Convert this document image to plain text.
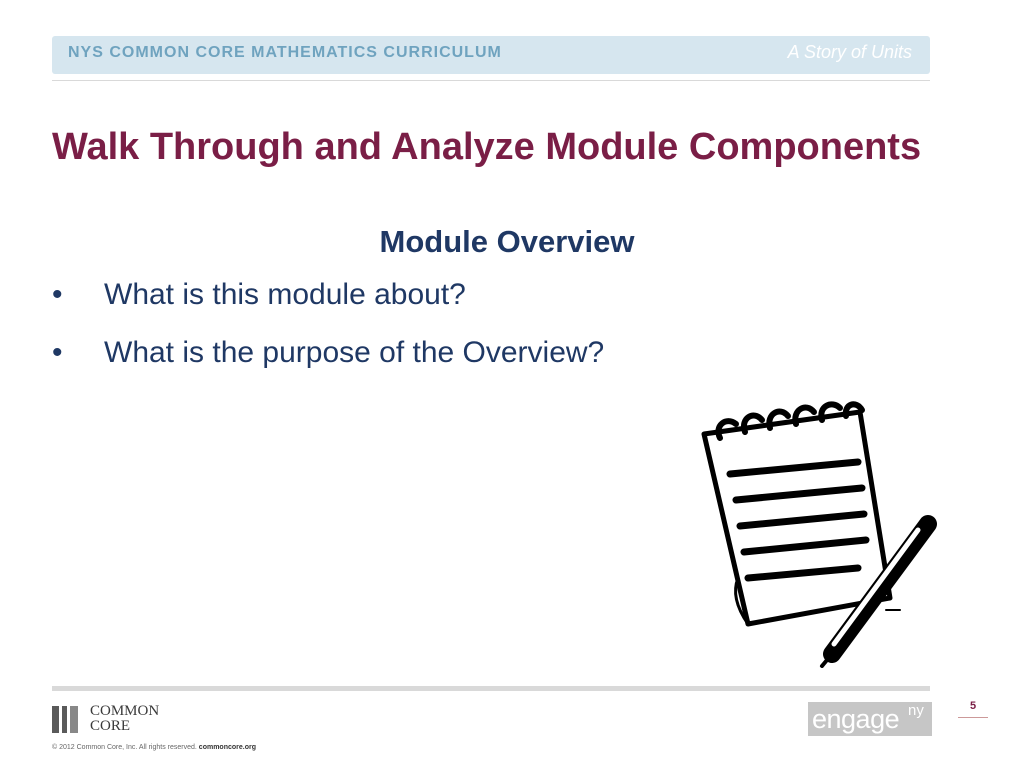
NYS COMMON CORE MATHEMATICS CURRICULUM	A Story of Units
Walk Through and Analyze Module Components
Module Overview
• What is this module about?
• What is the purpose of the Overview?
COMMON
CORE
© 2012 Common Core, Inc. All rights reserved. commoncore.org
engage ny	5
